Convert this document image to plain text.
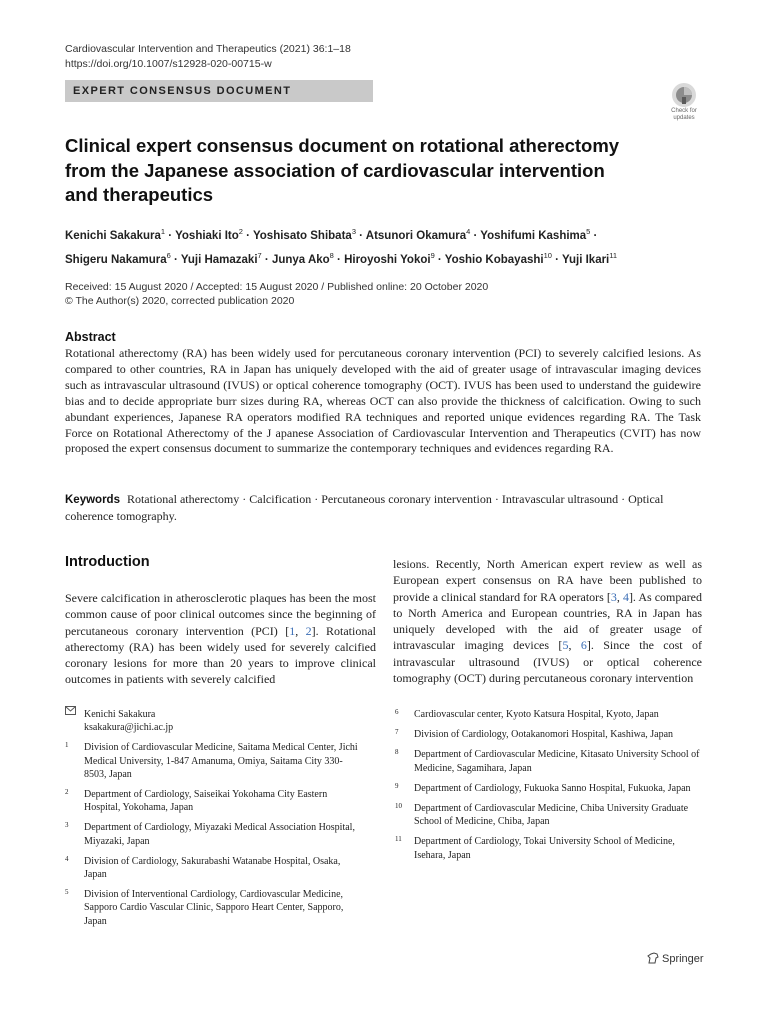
Cardiovascular Intervention and Therapeutics (2021) 36:1–18
https://doi.org/10.1007/s12928-020-00715-w
EXPERT CONSENSUS DOCUMENT
Check for
updates
Clinical expert consensus document on rotational atherectomy
from the Japanese association of cardiovascular intervention
and therapeutics
Kenichi Sakakura$^1$ · Yoshiaki Ito$^2$ · Yoshisato Shibata$^3$ · Atsunori Okamura$^4$ · Yoshifumi Kashima$^5$ ·
Shigeru Nakamura$^6$ · Yuji Hamazaki$^7$ · Junya Ako$^8$ · Hiroyoshi Yokoi$^9$ · Yoshio Kobayashi$^{10}$ · Yuji Ikari$^{11}$
Received: 15 August 2020 / Accepted: 15 August 2020 / Published online: 20 October 2020
© The Author(s) 2020, corrected publication 2020
Abstract
Rotational atherectomy (RA) has been widely used for percutaneous coronary intervention (PCI) to severely calcified lesions. As compared to other countries, RA in Japan has uniquely developed with the aid of greater usage of intravascular imaging devices such as intravascular ultrasound (IVUS) or optical coherence tomography (OCT). IVUS has been used to understand the guidewire bias and to decide appropriate burr sizes during RA, whereas OCT can also provide the thickness of calcification. Owing to such abundant experiences, Japanese RA operators modified RA techniques and reported unique evidences regarding RA. The Task Force on Rotational Atherectomy of the J apanese Association of Cardiovascular Intervention and Therapeutics (CVIT) has now proposed the expert consensus document to summarize the contemporary techniques and evidences regarding RA.
Keywords Rotational atherectomy · Calcification · Percutaneous coronary intervention · Intravascular ultrasound · Optical coherence tomography.
Introduction
Severe calcification in atherosclerotic plaques has been the most common cause of poor clinical outcomes since the beginning of percutaneous coronary intervention (PCI) [1, 2]. Rotational atherectomy (RA) has been widely used for severely calcified coronary lesions for more than 20 years to improve clinical outcomes in patients with severely calcified
lesions. Recently, North American expert review as well as European expert consensus on RA have been published to provide a clinical standard for RA operators [3, 4]. As compared to North America and European countries, RA in Japan has uniquely developed with the aid of greater usage of intravascular imaging devices [5, 6]. Since the cost of intravascular ultrasound (IVUS) or optical coherence tomography (OCT) during percutaneous coronary intervention
Kenichi Sakakura
ksakakura@jichi.ac.jp
1	Division of Cardiovascular Medicine, Saitama Medical Center, Jichi Medical University, 1-847 Amanuma, Omiya, Saitama City 330-8503, Japan
2	Department of Cardiology, Saiseikai Yokohama City Eastern Hospital, Yokohama, Japan
3	Department of Cardiology, Miyazaki Medical Association Hospital, Miyazaki, Japan
4	Division of Cardiology, Sakurabashi Watanabe Hospital, Osaka, Japan
5	Division of Interventional Cardiology, Cardiovascular Medicine, Sapporo Cardio Vascular Clinic, Sapporo Heart Center, Sapporo, Japan
6	Cardiovascular center, Kyoto Katsura Hospital, Kyoto, Japan
7	Division of Cardiology, Ootakanomori Hospital, Kashiwa, Japan
8	Department of Cardiovascular Medicine, Kitasato University School of Medicine, Sagamihara, Japan
9	Department of Cardiology, Fukuoka Sanno Hospital, Fukuoka, Japan
10	Department of Cardiovascular Medicine, Chiba University Graduate School of Medicine, Chiba, Japan
11	Department of Cardiology, Tokai University School of Medicine, Isehara, Japan
Springer
